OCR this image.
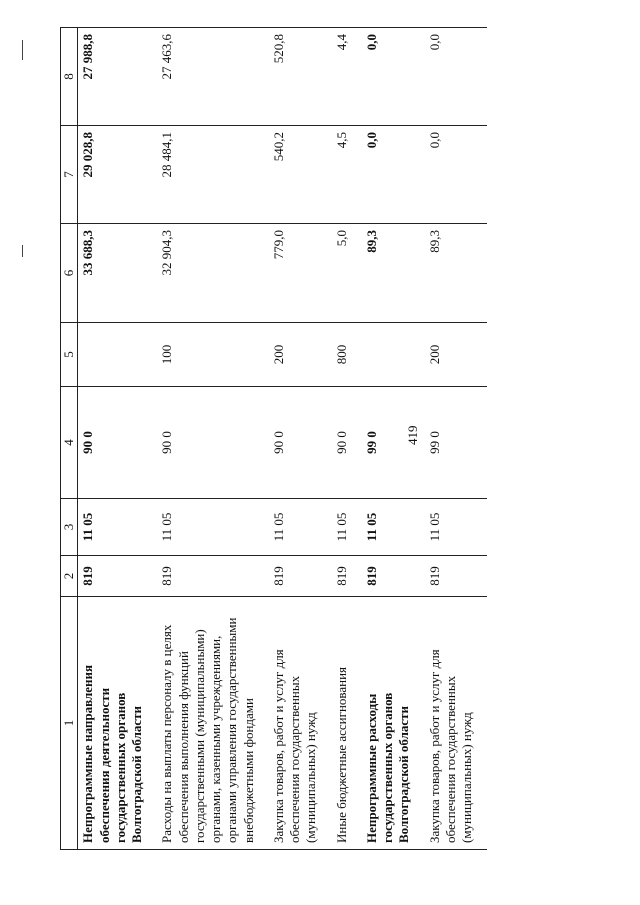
419
1	2	3	4	5	6	7	8
Непрограммные направления обеспечения деятельности государственных органов Волгоградской области	819	11 05	90 0		33 688,3	29 028,8	27 988,8
Расходы на выплаты персоналу в целях обеспечения выполнения функций государственными (муниципальными) органами, казенными учреждениями, органами управления государственными внебюджетными фондами	819	11 05	90 0	100	32 904,3	28 484,1	27 463,6
Закупка товаров, работ и услуг для обеспечения государственных (муниципальных) нужд	819	11 05	90 0	200	779,0	540,2	520,8
Иные бюджетные ассигнования	819	11 05	90 0	800	5,0	4,5	4,4
Непрограммные расходы государственных органов Волгоградской области	819	11 05	99 0		89,3	0,0	0,0
Закупка товаров, работ и услуг для обеспечения государственных (муниципальных) нужд	819	11 05	99 0	200	89,3	0,0	0,0
